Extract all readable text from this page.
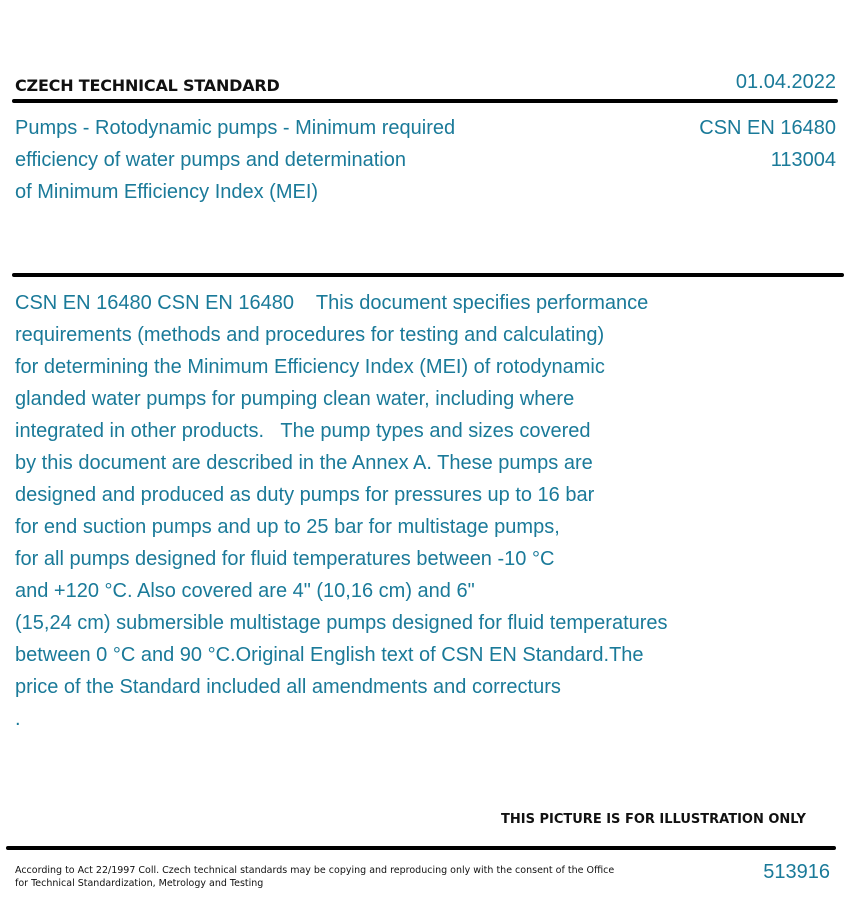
CZECH TECHNICAL STANDARD	01.04.2022
Pumps - Rotodynamic pumps - Minimum required
efficiency of water pumps and determination
of Minimum Efficiency Index (MEI)
CSN EN 16480
113004
CSN EN 16480 CSN EN 16480    This document specifies performance
requirements (methods and procedures for testing and calculating)
for determining the Minimum Efficiency Index (MEI) of rotodynamic
glanded water pumps for pumping clean water, including where
integrated in other products.   The pump types and sizes covered
by this document are described in the Annex A. These pumps are
designed and produced as duty pumps for pressures up to 16 bar
for end suction pumps and up to 25 bar for multistage pumps,
for all pumps designed for fluid temperatures between -10 °C
and +120 °C. Also covered are 4" (10,16 cm) and 6"
(15,24 cm) submersible multistage pumps designed for fluid temperatures
between 0 °C and 90 °C.Original English text of CSN EN Standard.The
price of the Standard included all amendments and correcturs
.
THIS PICTURE IS FOR ILLUSTRATION ONLY
According to Act 22/1997 Coll. Czech technical standards may be copying and reproducing only with the consent of the Office
for Technical Standardization, Metrology and Testing
513916
